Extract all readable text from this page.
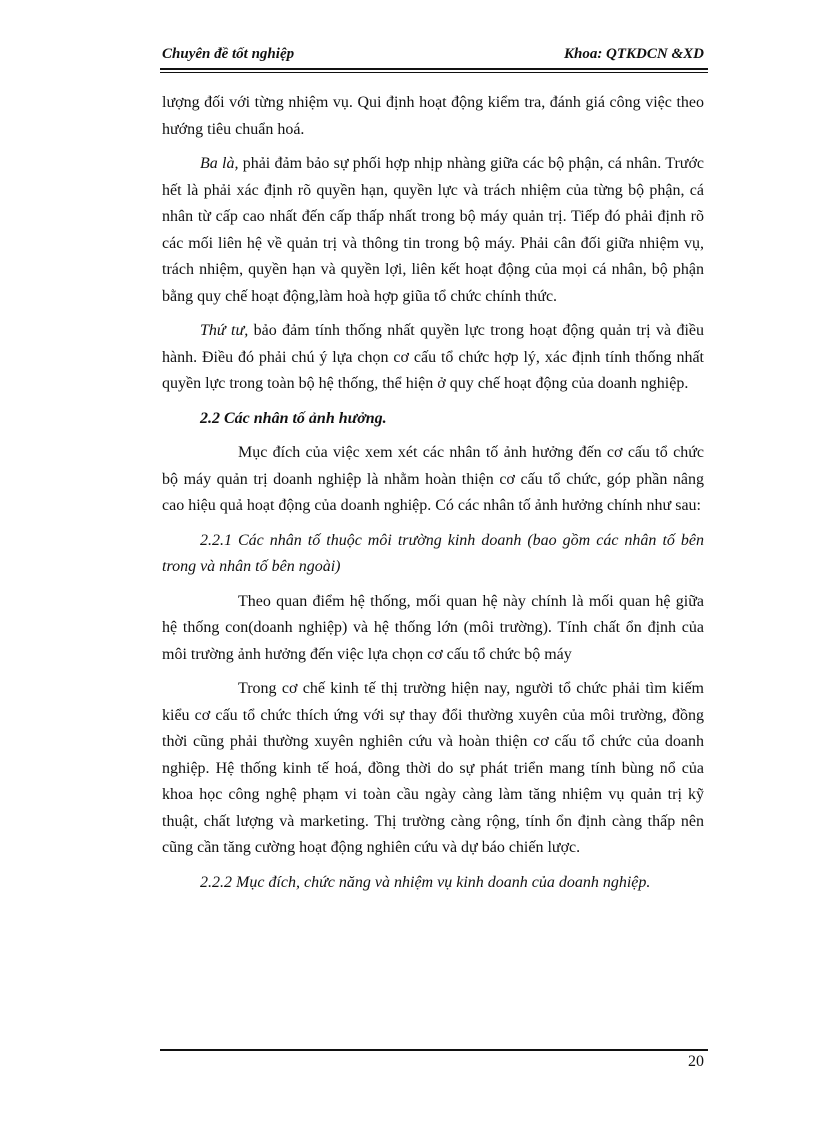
Chuyên đề tốt nghiệp	Khoa: QTKDCN &XD

lượng đối với từng nhiệm vụ. Qui định hoạt động kiểm tra, đánh giá công việc theo hướng tiêu chuẩn hoá.

Ba là, phải đảm bảo sự phối hợp nhịp nhàng giữa các bộ phận, cá nhân. Trước hết là phải xác định rõ quyền hạn, quyền lực và trách nhiệm của từng bộ phận, cá nhân từ cấp cao nhất đến cấp thấp nhất trong bộ máy quản trị. Tiếp đó phải định rõ các mối liên hệ về quản trị và thông tin trong bộ máy. Phải cân đối giữa nhiệm vụ, trách nhiệm, quyền hạn và quyền lợi, liên kết hoạt động của mọi cá nhân, bộ phận bằng quy chế hoạt động,làm hoà hợp giũa tổ chức chính thức.

Thứ tư, bảo đảm tính thống nhất quyền lực trong hoạt động quản trị và điều hành. Điều đó phải chú ý lựa chọn cơ cấu tổ chức hợp lý, xác định tính thống nhất quyền lực trong toàn bộ hệ thống, thể hiện ở quy chế hoạt động của doanh nghiệp.

2.2 Các nhân tố ảnh hưởng.

Mục đích của việc xem xét các nhân tố ảnh hưởng đến cơ cấu tổ chức bộ máy quản trị doanh nghiệp là nhằm hoàn thiện cơ cấu tổ chức, góp phần nâng cao hiệu quả hoạt động của doanh nghiệp. Có các nhân tố ảnh hưởng chính như sau:

2.2.1 Các nhân tố thuộc môi trường kinh doanh (bao gồm các nhân tố bên trong và nhân tố bên ngoài)

Theo quan điểm hệ thống, mối quan hệ này chính là mối quan hệ giữa hệ thống con(doanh nghiệp) và hệ thống lớn (môi trường). Tính chất ổn định của môi trường ảnh hưởng đến việc lựa chọn cơ cấu tổ chức bộ máy

Trong cơ chế kinh tế thị trường hiện nay, người tổ chức phải tìm kiếm kiểu cơ cấu tổ chức thích ứng với sự thay đổi thường xuyên của môi trường, đồng thời cũng phải thường xuyên nghiên cứu và hoàn thiện cơ cấu tổ chức của doanh nghiệp. Hệ thống kinh tế hoá, đồng thời do sự phát triển mang tính bùng nổ của khoa học công nghệ phạm vi toàn cầu ngày càng làm tăng nhiệm vụ quản trị kỹ thuật, chất lượng và marketing. Thị trường càng rộng, tính ổn định càng thấp nên cũng cần tăng cường hoạt động nghiên cứu và dự báo chiến lược.

2.2.2 Mục đích, chức năng và nhiệm vụ kinh doanh của doanh nghiệp.

20
